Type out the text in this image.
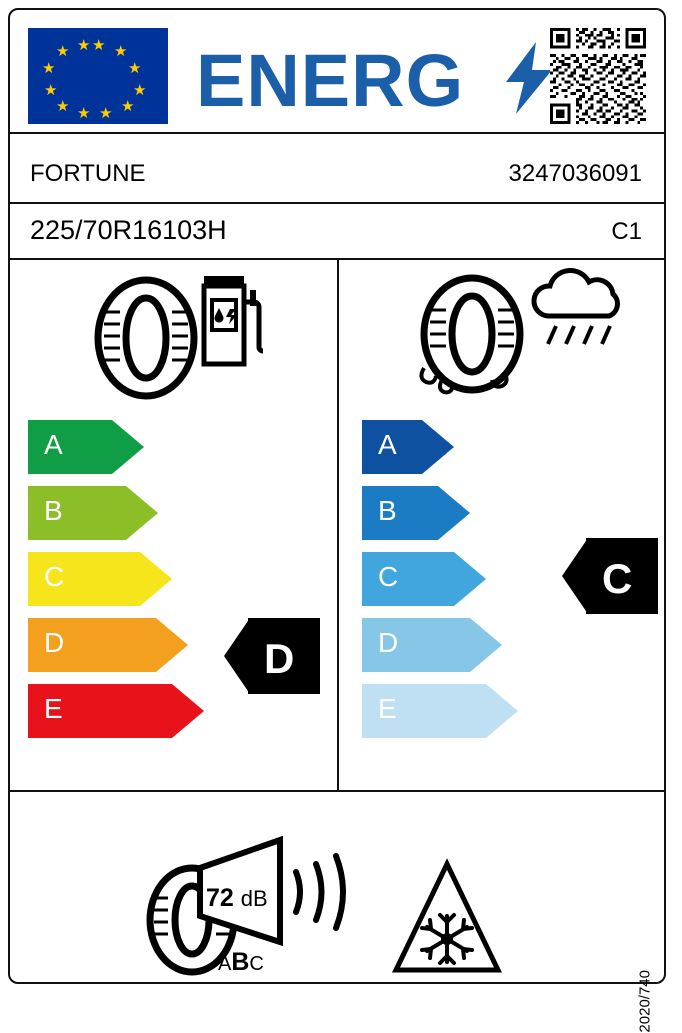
★ ★
★
★
★
★
★
★
★
★
★ ★ ENERG
FORTUNE	3247036091
225/70R16103H	C1
A
B
C
D
E
D
A
B
C
D
E
C
72 dB
ABC
2020/740
